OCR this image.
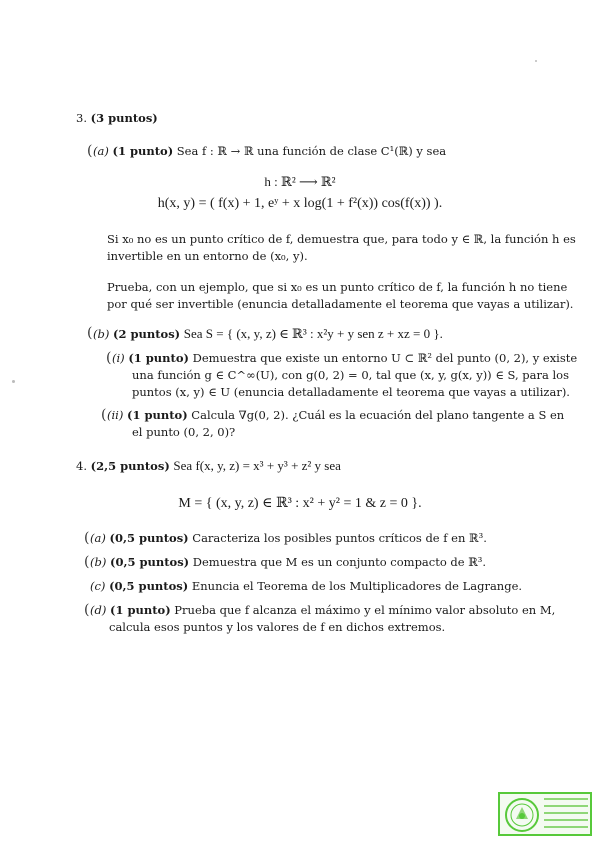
3. (3 puntos)
( (a) (1 punto) Sea f : ℝ → ℝ una función de clase C¹(ℝ) y sea
h : ℝ² ⟶ ℝ²
h(x, y) = ( f(x) + 1, eʸ + x log(1 + f²(x)) cos(f(x)) ).
Si x₀ no es un punto crítico de f, demuestra que, para todo y ∈ ℝ, la función h es
invertible en un entorno de (x₀, y).
Prueba, con un ejemplo, que si x₀ es un punto crítico de f, la función h no tiene
por qué ser invertible (enuncia detalladamente el teorema que vayas a utilizar).
( (b) (2 puntos) Sea S = { (x, y, z) ∈ ℝ³ : x²y + y sen z + xz = 0 }.
( (i) (1 punto) Demuestra que existe un entorno U ⊂ ℝ² del punto (0, 2), y existe
una función g ∈ C^∞(U), con g(0, 2) = 0, tal que (x, y, g(x, y)) ∈ S, para los
puntos (x, y) ∈ U (enuncia detalladamente el teorema que vayas a utilizar).
( (ii) (1 punto) Calcula ∇g(0, 2). ¿Cuál es la ecuación del plano tangente a S en
el punto (0, 2, 0)?
4. (2,5 puntos) Sea f(x, y, z) = x³ + y³ + z² y sea
M = { (x, y, z) ∈ ℝ³ : x² + y² = 1 & z = 0 }.
( (a) (0,5 puntos) Caracteriza los posibles puntos críticos de f en ℝ³.
( (b) (0,5 puntos) Demuestra que M es un conjunto compacto de ℝ³.
(c) (0,5 puntos) Enuncia el Teorema de los Multiplicadores de Lagrange.
( (d) (1 punto) Prueba que f alcanza el máximo y el mínimo valor absoluto en M,
calcula esos puntos y los valores de f en dichos extremos.
